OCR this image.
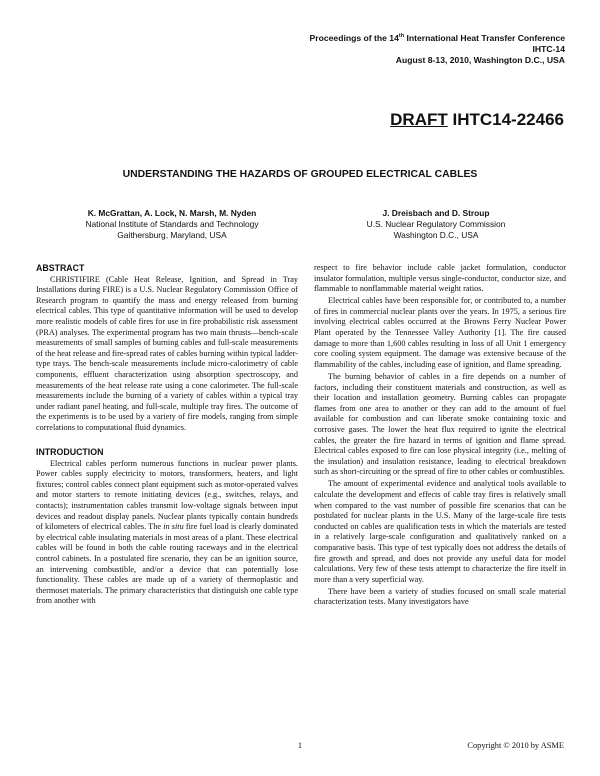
Proceedings of the 14th International Heat Transfer Conference
IHTC-14
August 8-13, 2010, Washington D.C., USA
DRAFT IHTC14-22466
UNDERSTANDING THE HAZARDS OF GROUPED ELECTRICAL CABLES
K. McGrattan, A. Lock, N. Marsh, M. Nyden
National Institute of Standards and Technology
Gaithersburg, Maryland, USA
J. Dreisbach and D. Stroup
U.S. Nuclear Regulatory Commission
Washington D.C., USA
ABSTRACT

CHRISTIFIRE (Cable Heat Release, Ignition, and Spread in Tray Installations during FIRE) is a U.S. Nuclear Regulatory Commission Office of Research program to quantify the mass and energy released from burning electrical cables. This type of quantitative information will be used to develop more realistic models of cable fires for use in fire probabilistic risk assessment (PRA) analyses. The experimental program has two main thrusts—bench-scale measurements of small samples of burning cables and full-scale measurements of the heat release and fire-spread rates of cables burning within typical ladder-type trays. The bench-scale measurements include micro-calorimetry of cable components, effluent characterization using absorption spectroscopy, and measurements of the heat release rate using a cone calorimeter. The full-scale measurements include the burning of a variety of cables within a typical tray under radiant panel heating, and full-scale, multiple tray fires. The outcome of the experiments is to be used by a variety of fire models, ranging from simple correlations to computational fluid dynamics.

INTRODUCTION

Electrical cables perform numerous functions in nuclear power plants. Power cables supply electricity to motors, transformers, heaters, and light fixtures; control cables connect plant equipment such as motor-operated valves and motor starters to remote initiating devices (e.g., switches, relays, and contacts); instrumentation cables transmit low-voltage signals between input devices and readout display panels. Nuclear plants typically contain hundreds of kilometers of electrical cables. The in situ fire fuel load is clearly dominated by electrical cable insulating materials in most areas of a plant. These electrical cables will be found in both the cable routing raceways and in the electrical control cabinets. In a postulated fire scenario, they can be an ignition source, an intervening combustible, and/or a device that can potentially lose functionality. These cables are made up of a variety of thermoplastic and thermoset materials. The primary characteristics that distinguish one cable type from another with

respect to fire behavior include cable jacket formulation, conductor insulator formulation, multiple versus single-conductor, conductor size, and flammable to nonflammable material weight ratios.

Electrical cables have been responsible for, or contributed to, a number of fires in commercial nuclear plants over the years. In 1975, a serious fire involving electrical cables occurred at the Browns Ferry Nuclear Power Plant operated by the Tennessee Valley Authority [1]. The fire caused damage to more than 1,600 cables resulting in loss of all Unit 1 emergency core cooling system equipment. The damage was extensive because of the flammability of the cables, including ease of ignition, and flame spreading.

The burning behavior of cables in a fire depends on a number of factors, including their constituent materials and construction, as well as their location and installation geometry. Burning cables can propagate flames from one area to another or they can add to the amount of fuel available for combustion and can liberate smoke containing toxic and corrosive gases. The lower the heat flux required to ignite the electrical cables, the greater the fire hazard in terms of ignition and flame spread. Electrical cables exposed to fire can lose physical integrity (i.e., melting of the insulation) and insulation resistance, leading to electrical breakdown such as short-circuiting or the spread of fire to other cables or combustibles.

The amount of experimental evidence and analytical tools available to calculate the development and effects of cable tray fires is relatively small when compared to the vast number of possible fire scenarios that can be postulated for nuclear plants in the U.S. Many of the large-scale fire tests conducted on cables are qualification tests in which the materials are tested in a relatively large-scale configuration and qualitatively ranked on a comparative basis. This type of test typically does not address the details of fire growth and spread, and does not provide any useful data for model calculations. Very few of these tests attempt to characterize the fire itself in more than a very superficial way.

There have been a variety of studies focused on small scale material characterization tests. Many investigators have

1	Copyright © 2010 by ASME
